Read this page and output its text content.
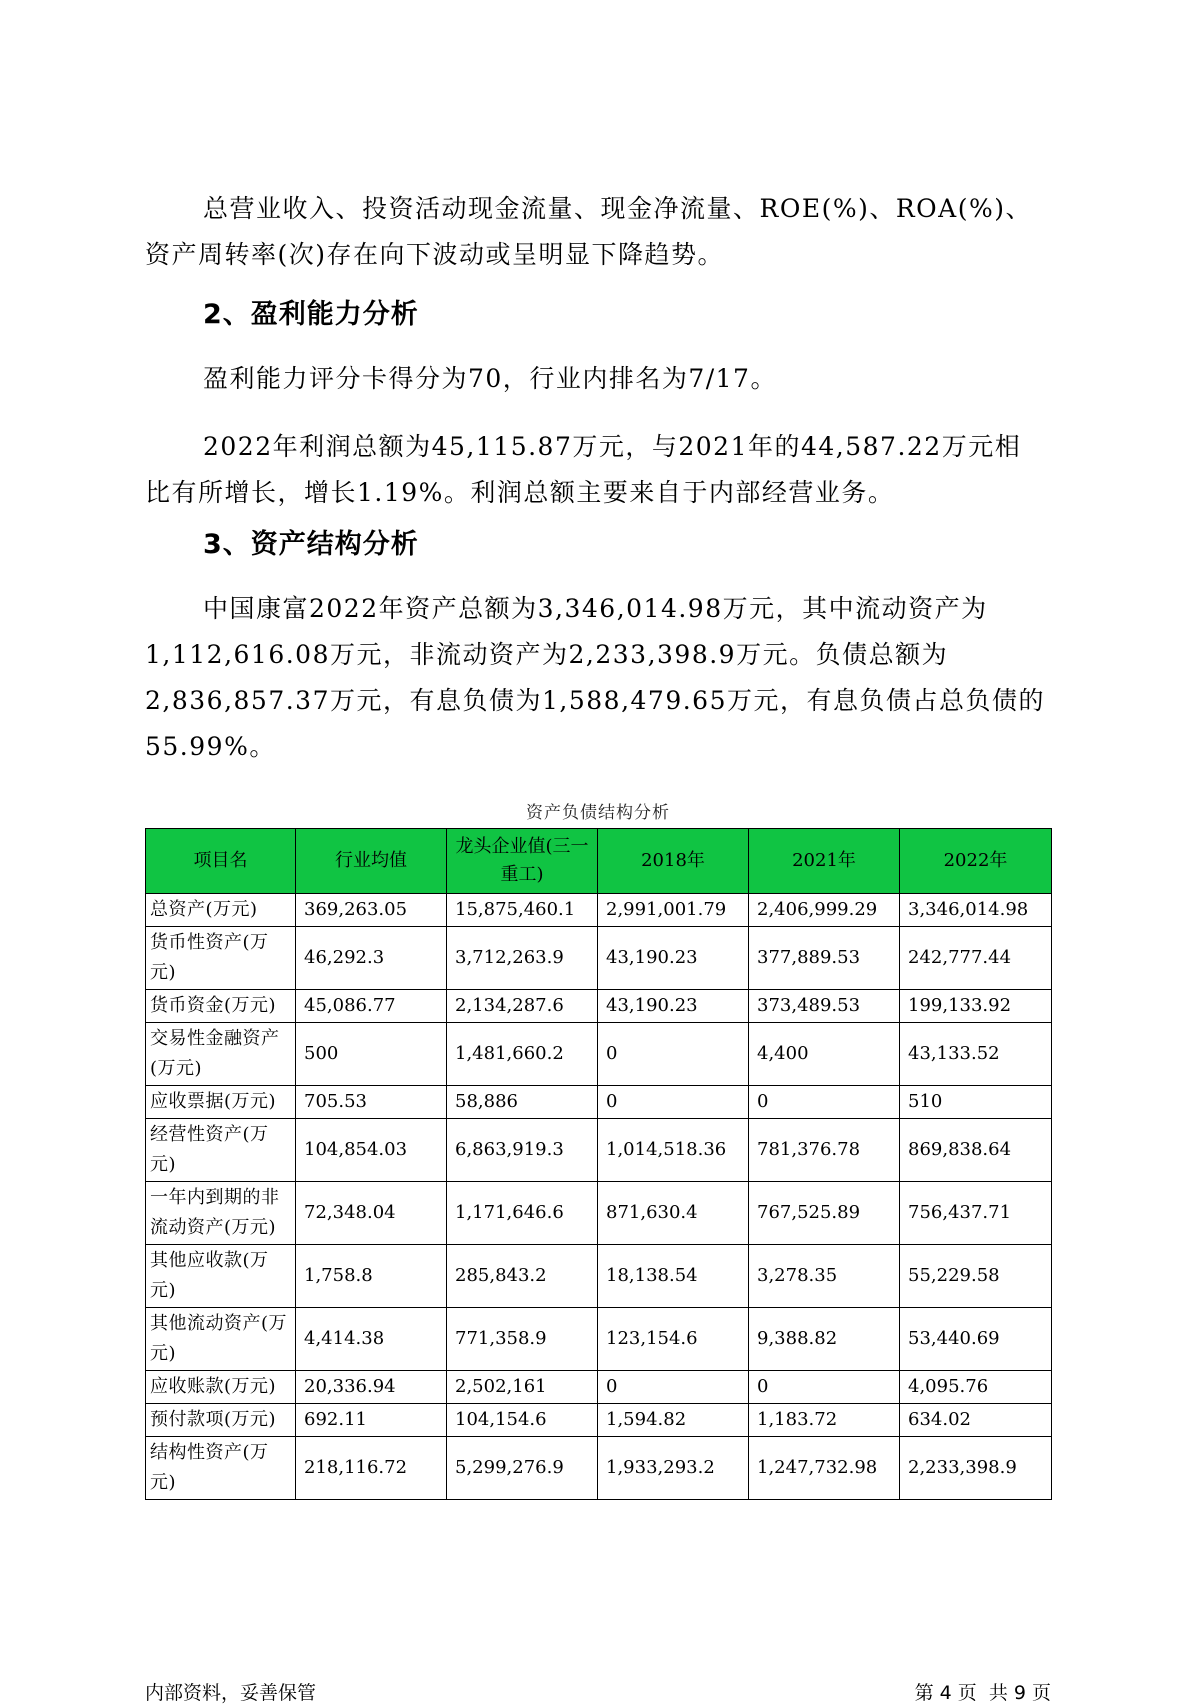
总营业收入、投资活动现金流量、现金净流量、ROE(%)、ROA(%)、资产周转率(次)存在向下波动或呈明显下降趋势。

2、盈利能力分析

盈利能力评分卡得分为70，行业内排名为7/17。

2022年利润总额为45,115.87万元，与2021年的44,587.22万元相比有所增长，增长1.19%。利润总额主要来自于内部经营业务。

3、资产结构分析

中国康富2022年资产总额为3,346,014.98万元，其中流动资产为1,112,616.08万元，非流动资产为2,233,398.9万元。负债总额为2,836,857.37万元，有息负债为1,588,479.65万元，有息负债占总负债的55.99%。

资产负债结构分析

项目名	行业均值	龙头企业值(三一重工)	2018年	2021年	2022年
总资产(万元)	369,263.05	15,875,460.1	2,991,001.79	2,406,999.29	3,346,014.98
货币性资产(万元)	46,292.3	3,712,263.9	43,190.23	377,889.53	242,777.44
货币资金(万元)	45,086.77	2,134,287.6	43,190.23	373,489.53	199,133.92
交易性金融资产(万元)	500	1,481,660.2	0	4,400	43,133.52
应收票据(万元)	705.53	58,886	0	0	510
经营性资产(万元)	104,854.03	6,863,919.3	1,014,518.36	781,376.78	869,838.64
一年内到期的非流动资产(万元)	72,348.04	1,171,646.6	871,630.4	767,525.89	756,437.71
其他应收款(万元)	1,758.8	285,843.2	18,138.54	3,278.35	55,229.58
其他流动资产(万元)	4,414.38	771,358.9	123,154.6	9,388.82	53,440.69
应收账款(万元)	20,336.94	2,502,161	0	0	4,095.76
预付款项(万元)	692.11	104,154.6	1,594.82	1,183.72	634.02
结构性资产(万元)	218,116.72	5,299,276.9	1,933,293.2	1,247,732.98	2,233,398.9

内部资料，妥善保管	第 4 页  共 9 页
